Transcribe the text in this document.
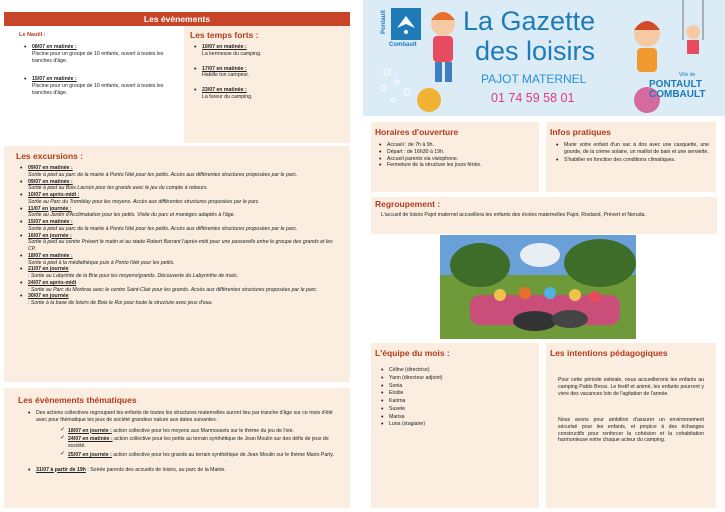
Les évènements
Le Nautil :
• 08/07 en matinée :
Piscine pour un groupe de 10 enfants, ouvert à toutes les tranches d'âge.
• 15/07 en matinée :
Piscine pour un groupe de 10 enfants, ouvert à toutes les tranches d'âge.
Les temps forts :
• 10/07 en matinée :
La kermesse du camping.
• 17/07 en matinée :
Habille ton campeur.
• 23/07 en matinée :
La fureur du camping.
Les excursions :
• 09/07 en matinée :
Sortie à pied au parc de la mairie à Ponto l'été pour les petits. Accès aux différentes structures proposées par le parc.
• 09/07 en matinée :
Sortie à pied au Bois Lacroix pour les grands avec le jeu du compte à rebours.
• 10/07 en après-midi :
Sortie au Parc du Tremblay pour les moyens. Accès aux différentes structures proposées par le parc.
• 11/07 en journée :
Sortie au Jardin d'Acclimatation pour les petits. Visite du parc et manèges adaptés à l'âge.
• 15/07 en matinée :
Sortie à pied au parc de la mairie à Ponto l'été pour les petits. Accès aux différentes structures proposées par le parc.
• 16/07 en journée :
Sortie à pied au centre Prévert le matin et au stade Robert Barrant l'après-midi pour une passerelle entre le groupe des grands et les CP.
• 18/07 en matinée :
Sortie à pied à la médiathèque puis à Ponto l'été pour les petits.
• 21/07 en journée
: Sortie au Labyrinte de la Brie pour les moyens/grands. Découverte du Labyrinthe de maïs.
• 24/07 en après-midi
: Sortie au Parc du Morbras avec le centre Saint-Clair pour les grands. Accès aux différentes structures proposées par le parc.
• 30/07 en journée
: Sortie à la base de loisirs de Bois le Roi pour toute la structure avec jeux d'eau.
Les évènements thématiques
• Des actions collectives regroupant les enfants de toutes les structures maternelles auront lieu par tranche d'âge sur ce mois d'été avec pour thématique les jeux de société grandeur nature aux dates suivantes :
✓ 18/07 en journée : action collective pour les moyens aux Marmousets sur le thème du jeu de l'oie.
✓ 24/07 en matinée : action collective pour les petits au terrain synthétique de Jean Moulin sur des défis de jeux de société.
✓ 25/07 en journée : action collective pour les grands au terrain synthétique de Jean Moulin sur le thème Mario Party.
• 31/07 à partir de 19h : Soirée parents des accueils de loisirs, au parc de la Mairie.
Pontault
Combault
La Gazette
des loisirs
PAJOT MATERNEL
01 74 59 58 01
Ville de
PONTAULT
COMBAULT
Horaires d'ouverture
• Accueil : de 7h à 9h.
• Départ : de 16h30 à 19h.
• Accueil parents via visiophone.
• Fermeture de la structure les jours fériés.
Infos pratiques
• Munir votre enfant d'un sac à dos avec une casquette, une gourde, de la crème solaire, un maillot de bain et une serviette.
• S'habiller en fonction des conditions climatiques.
Regroupement :
L'accueil de loisirs Pajot maternel accueillera les enfants des écoles maternelles Pajot, Rostand, Prévert et Neruda.
L'équipe du mois :
• Céline (directrice)
• Yann (directeur adjoint)
• Sonia
• Elodie
• Karima
• Susete
• Marisa
• Luna (stagiaire)
Les intentions pédagogiques
Pour cette période estivale, nous accueillerons les enfants au camping Pablo Bross. Le festif et animé, les enfants pourront y vivre des vacances loin de l'agitation de l'année.
Nous avons pour ambition d'assurer un environnement sécurisé pour les enfants, et propice à des échanges constructifs pour renforcer la cohésion et la cohabitation harmonieuse entre chaque acteur du camping.
